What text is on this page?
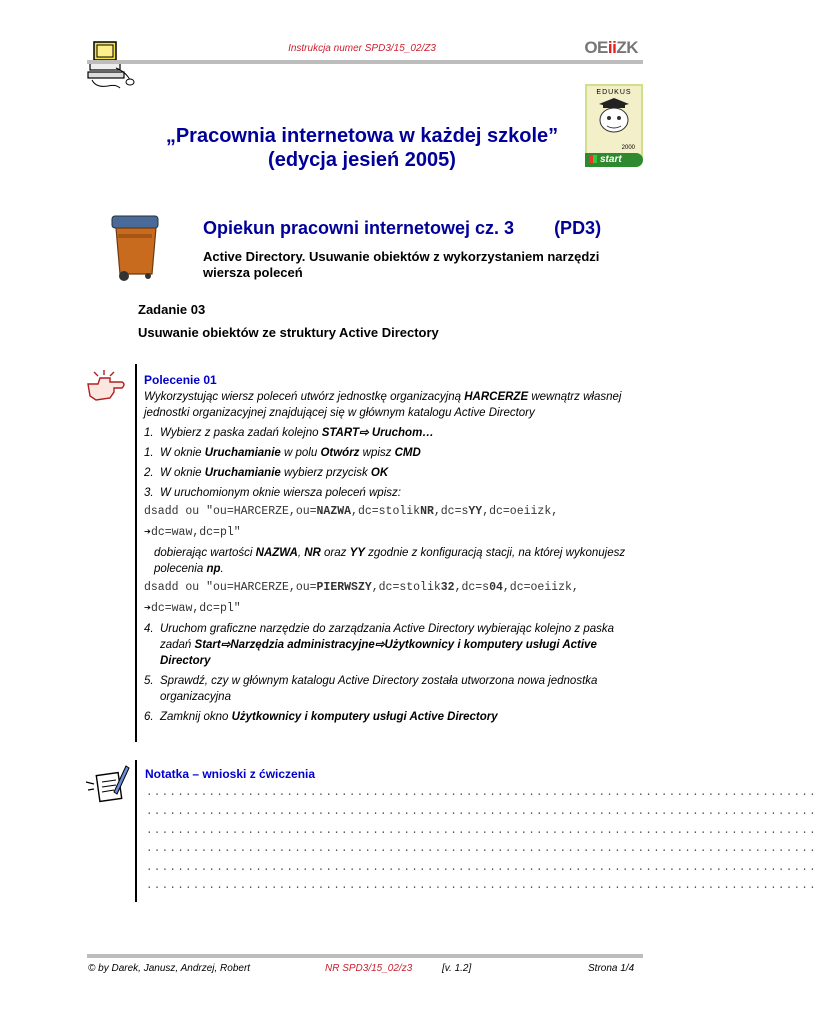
Instrukcja numer SPD3/15_02/Z3	OEiiZK
EDUKUS
2000
start
„Pracownia internetowa w każdej szkole”
(edycja jesień 2005)
Opiekun pracowni internetowej cz. 3 (PD3)
Active Directory. Usuwanie obiektów z wykorzystaniem narzędzi wiersza poleceń
Zadanie 03
Usuwanie obiektów ze struktury Active Directory
Polecenie 01
Wykorzystując wiersz poleceń utwórz jednostkę organizacyjną HARCERZE wewnątrz własnej jednostki organizacyjnej znajdującej się w głównym katalogu Active Directory
1. Wybierz z paska zadań kolejno START⇨ Uruchom…
1. W oknie Uruchamianie w polu Otwórz wpisz CMD
2. W oknie Uruchamianie wybierz przycisk OK
3. W uruchomionym oknie wiersza poleceń wpisz:
dsadd ou "ou=HARCERZE,ou=NAZWA,dc=stolikNR,dc=sYY,dc=oeiizk,
➔dc=waw,dc=pl"
dobierając wartości NAZWA, NR oraz YY zgodnie z konfiguracją stacji, na której wykonujesz polecenia np.
dsadd ou "ou=HARCERZE,ou=PIERWSZY,dc=stolik32,dc=s04,dc=oeiizk,
➔dc=waw,dc=pl"
4. Uruchom graficzne narzędzie do zarządzania Active Directory wybierając kolejno z paska zadań Start⇨Narzędzia administracyjne⇨Użytkownicy i komputery usługi Active Directory
5. Sprawdź, czy w głównym katalogu Active Directory została utworzona nowa jednostka organizacyjna
6. Zamknij okno Użytkownicy i komputery usługi Active Directory
Notatka – wnioski z ćwiczenia
......................................................................................
......................................................................................
......................................................................................
......................................................................................
......................................................................................
......................................................................................
© by Darek, Janusz, Andrzej, Robert	NR SPD3/15_02/z3	[v. 1.2]	Strona 1/4
